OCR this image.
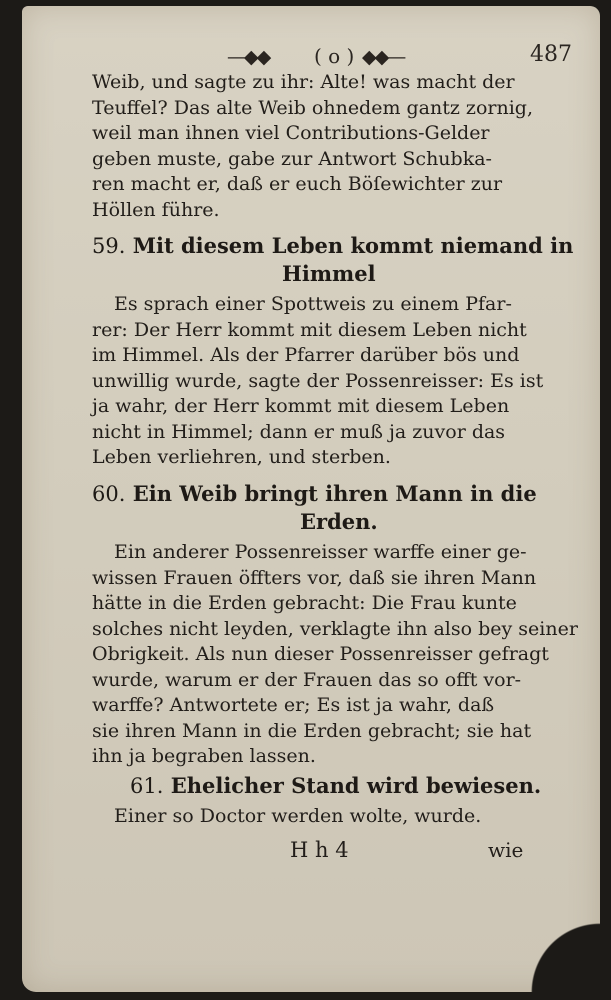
—◆◆ ( o ) ◆◆—	487
Weib, und sagte zu ihr: Alte! was macht der
Teuffel? Das alte Weib ohnedem gantz zornig,
weil man ihnen viel Contributions-Gelder
geben muste, gabe zur Antwort Schubka-
ren macht er, daß er euch Böſewichter zur
Höllen führe.
59. Mit diesem Leben kommt niemand in
Himmel
Es sprach einer Spottweis zu einem Pfar-
rer: Der Herr kommt mit diesem Leben nicht
im Himmel. Als der Pfarrer darüber bös und
unwillig wurde, sagte der Possenreisser: Es ist
ja wahr, der Herr kommt mit diesem Leben
nicht in Himmel; dann er muß ja zuvor das
Leben verliehren, und sterben.
60. Ein Weib bringt ihren Mann in die
Erden.
Ein anderer Possenreisser warffe einer ge-
wissen Frauen öffters vor, daß sie ihren Mann
hätte in die Erden gebracht: Die Frau kunte
solches nicht leyden, verklagte ihn also bey seiner
Obrigkeit. Als nun dieser Possenreisser gefragt
wurde, warum er der Frauen das so offt vor-
warffe? Antwortete er; Es ist ja wahr, daß
sie ihren Mann in die Erden gebracht; sie hat
ihn ja begraben lassen.
61. Ehelicher Stand wird bewiesen.
Einer so Doctor werden wolte, wurde.
H h 4	wie
